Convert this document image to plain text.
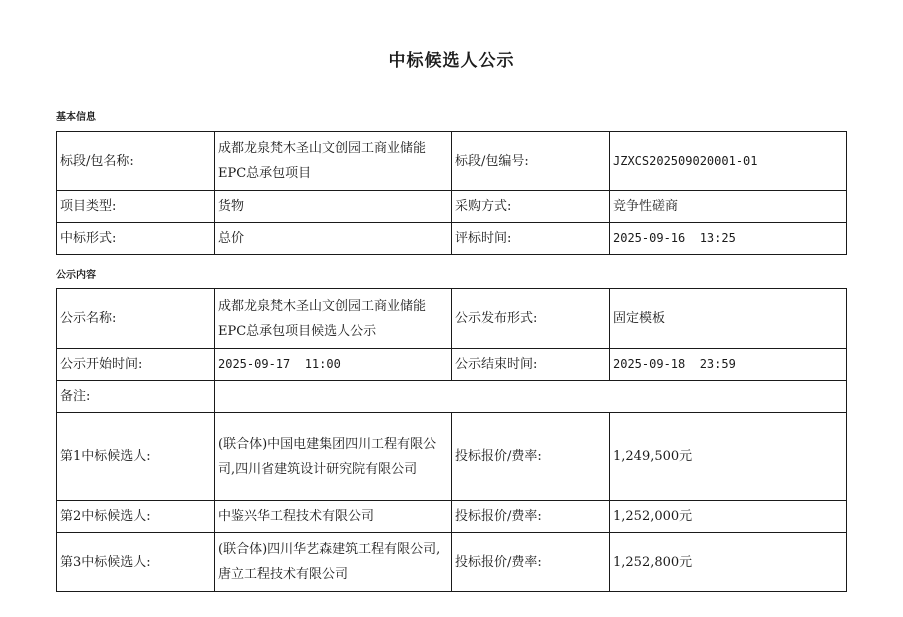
中标候选人公示
基本信息
标段/包名称:	成都龙泉梵木圣山文创园工商业储能EPC总承包项目	标段/包编号:	JZXCS202509020001-01
项目类型:	货物	采购方式:	竞争性磋商
中标形式:	总价	评标时间:	2025-09-16  13:25
公示内容
公示名称:	成都龙泉梵木圣山文创园工商业储能EPC总承包项目候选人公示	公示发布形式:	固定模板
公示开始时间:	2025-09-17  11:00	公示结束时间:	2025-09-18  23:59
备注:			
第1中标候选人:	(联合体)中国电建集团四川工程有限公司,四川省建筑设计研究院有限公司	投标报价/费率:	1,249,500元
第2中标候选人:	中鉴兴华工程技术有限公司	投标报价/费率:	1,252,000元
第3中标候选人:	(联合体)四川华艺森建筑工程有限公司,唐立工程技术有限公司	投标报价/费率:	1,252,800元
​
